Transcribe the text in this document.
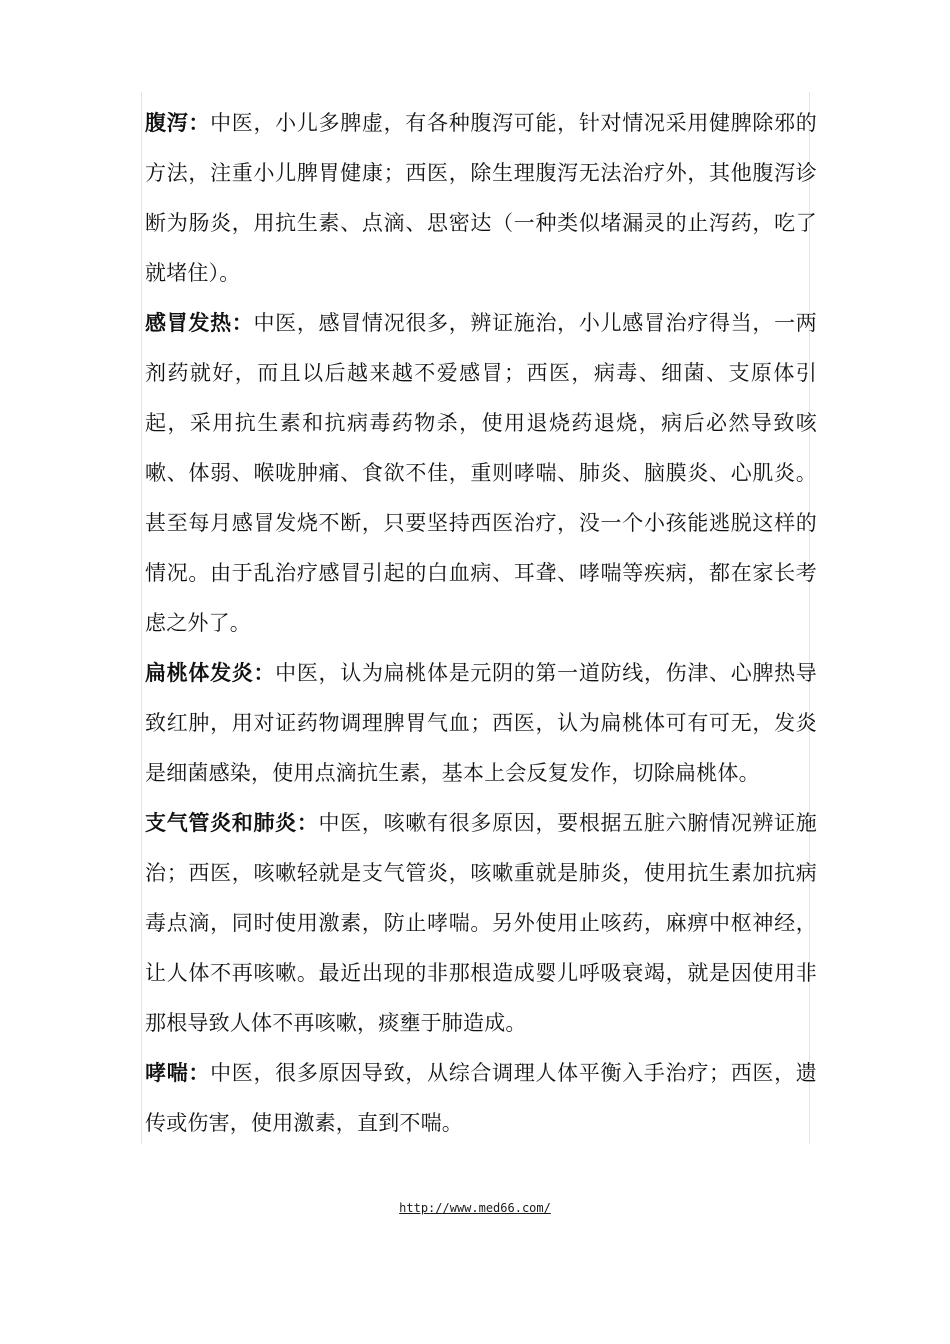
腹泻：中医，小儿多脾虚，有各种腹泻可能，针对情况采用健脾除邪的方法，注重小儿脾胃健康；西医，除生理腹泻无法治疗外，其他腹泻诊断为肠炎，用抗生素、点滴、思密达（一种类似堵漏灵的止泻药，吃了就堵住）。

感冒发热：中医，感冒情况很多，辨证施治，小儿感冒治疗得当，一两剂药就好，而且以后越来越不爱感冒；西医，病毒、细菌、支原体引起，采用抗生素和抗病毒药物杀，使用退烧药退烧，病后必然导致咳嗽、体弱、喉咙肿痛、食欲不佳，重则哮喘、肺炎、脑膜炎、心肌炎。甚至每月感冒发烧不断，只要坚持西医治疗，没一个小孩能逃脱这样的情况。由于乱治疗感冒引起的白血病、耳聋、哮喘等疾病，都在家长考虑之外了。

扁桃体发炎：中医，认为扁桃体是元阴的第一道防线，伤津、心脾热导致红肿，用对证药物调理脾胃气血；西医，认为扁桃体可有可无，发炎是细菌感染，使用点滴抗生素，基本上会反复发作，切除扁桃体。

支气管炎和肺炎：中医，咳嗽有很多原因，要根据五脏六腑情况辨证施治；西医，咳嗽轻就是支气管炎，咳嗽重就是肺炎，使用抗生素加抗病毒点滴，同时使用激素，防止哮喘。另外使用止咳药，麻痹中枢神经，让人体不再咳嗽。最近出现的非那根造成婴儿呼吸衰竭，就是因使用非那根导致人体不再咳嗽，痰壅于肺造成。

哮喘：中医，很多原因导致，从综合调理人体平衡入手治疗；西医，遗传或伤害，使用激素，直到不喘。

http://www.med66.com/
